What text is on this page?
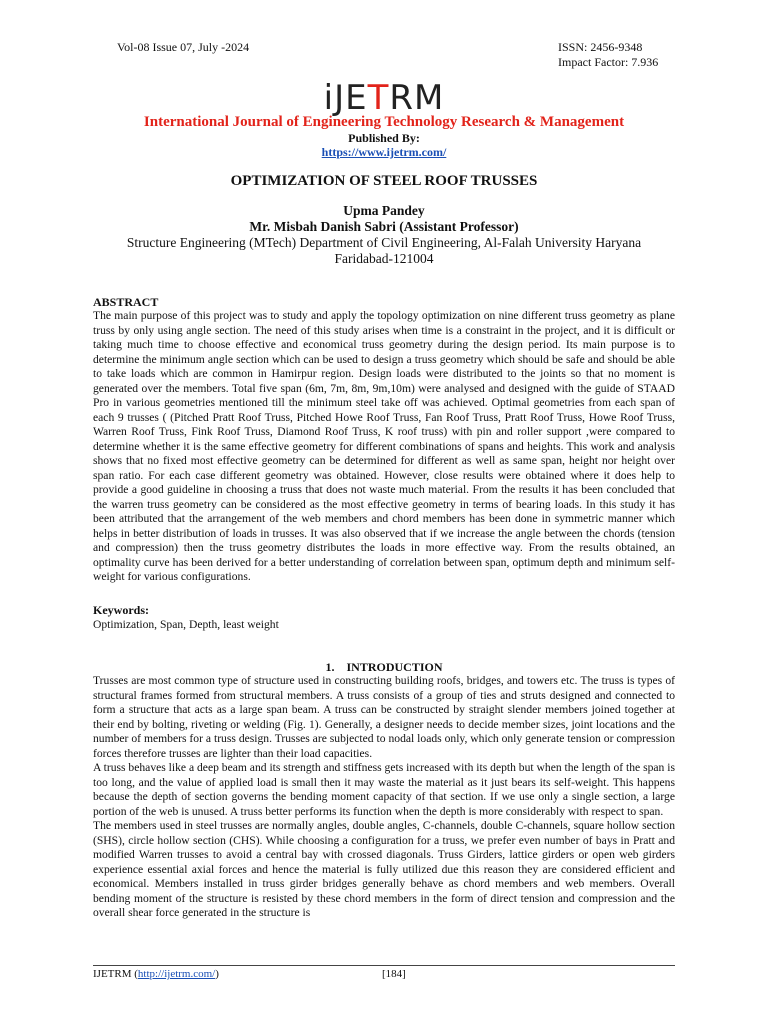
Vol-08 Issue 07, July -2024	ISSN: 2456-9348
Impact Factor: 7.936
iJETRM
International Journal of Engineering Technology Research & Management
Published By:
https://www.ijetrm.com/
OPTIMIZATION OF STEEL ROOF TRUSSES
Upma Pandey
Mr. Misbah Danish Sabri (Assistant Professor)
Structure Engineering (MTech) Department of Civil Engineering, Al-Falah University Haryana
Faridabad-121004
ABSTRACT
The main purpose of this project was to study and apply the topology optimization on nine different truss geometry as plane truss by only using angle section. The need of this study arises when time is a constraint in the project, and it is difficult or taking much time to choose effective and economical truss geometry during the design period. Its main purpose is to determine the minimum angle section which can be used to design a truss geometry which should be safe and should be able to take loads which are common in Hamirpur region. Design loads were distributed to the joints so that no moment is generated over the members. Total five span (6m, 7m, 8m, 9m,10m) were analysed and designed with the guide of STAAD Pro in various geometries mentioned till the minimum steel take off was achieved. Optimal geometries from each span of each 9 trusses ( (Pitched Pratt Roof Truss, Pitched Howe Roof Truss, Fan Roof Truss, Pratt Roof Truss, Howe Roof Truss, Warren Roof Truss, Fink Roof Truss, Diamond Roof Truss, K roof truss) with pin and roller support ,were compared to determine whether it is the same effective geometry for different combinations of spans and heights. This work and analysis shows that no fixed most effective geometry can be determined for different as well as same span, height nor height over span ratio. For each case different geometry was obtained. However, close results were obtained where it does help to provide a good guideline in choosing a truss that does not waste much material. From the results it has been concluded that the warren truss geometry can be considered as the most effective geometry in terms of bearing loads. In this study it has been attributed that the arrangement of the web members and chord members has been done in symmetric manner which helps in better distribution of loads in trusses. It was also observed that if we increase the angle between the chords (tension and compression) then the truss geometry distributes the loads in more effective way. From the results obtained, an optimality curve has been derived for a better understanding of correlation between span, optimum depth and minimum self-weight for various configurations.
Keywords:
Optimization, Span, Depth, least weight
1.    INTRODUCTION

Trusses are most common type of structure used in constructing building roofs, bridges, and towers etc. The truss is types of structural frames formed from structural members. A truss consists of a group of ties and struts designed and connected to form a structure that acts as a large span beam. A truss can be constructed by straight slender members joined together at their end by bolting, riveting or welding (Fig. 1). Generally, a designer needs to decide member sizes, joint locations and the number of members for a truss design. Trusses are subjected to nodal loads only, which only generate tension or compression forces therefore trusses are lighter than their load capacities.

A truss behaves like a deep beam and its strength and stiffness gets increased with its depth but when the length of the span is too long, and the value of applied load is small then it may waste the material as it just bears its self-weight. This happens because the depth of section governs the bending moment capacity of that section. If we use only a single section, a large portion of the web is unused. A truss better performs its function when the depth is more considerably with respect to span.

The members used in steel trusses are normally angles, double angles, C-channels, double C-channels, square hollow section (SHS), circle hollow section (CHS). While choosing a configuration for a truss, we prefer even number of bays in Pratt and modified Warren trusses to avoid a central bay with crossed diagonals. Truss Girders, lattice girders or open web girders experience essential axial forces and hence the material is fully utilized due this reason they are considered efficient and economical. Members installed in truss girder bridges generally behave as chord members and web members. Overall bending moment of the structure is resisted by these chord members in the form of direct tension and compression and the overall shear force generated in the structure is

IJETRM (http://ijetrm.com/)	[184]
